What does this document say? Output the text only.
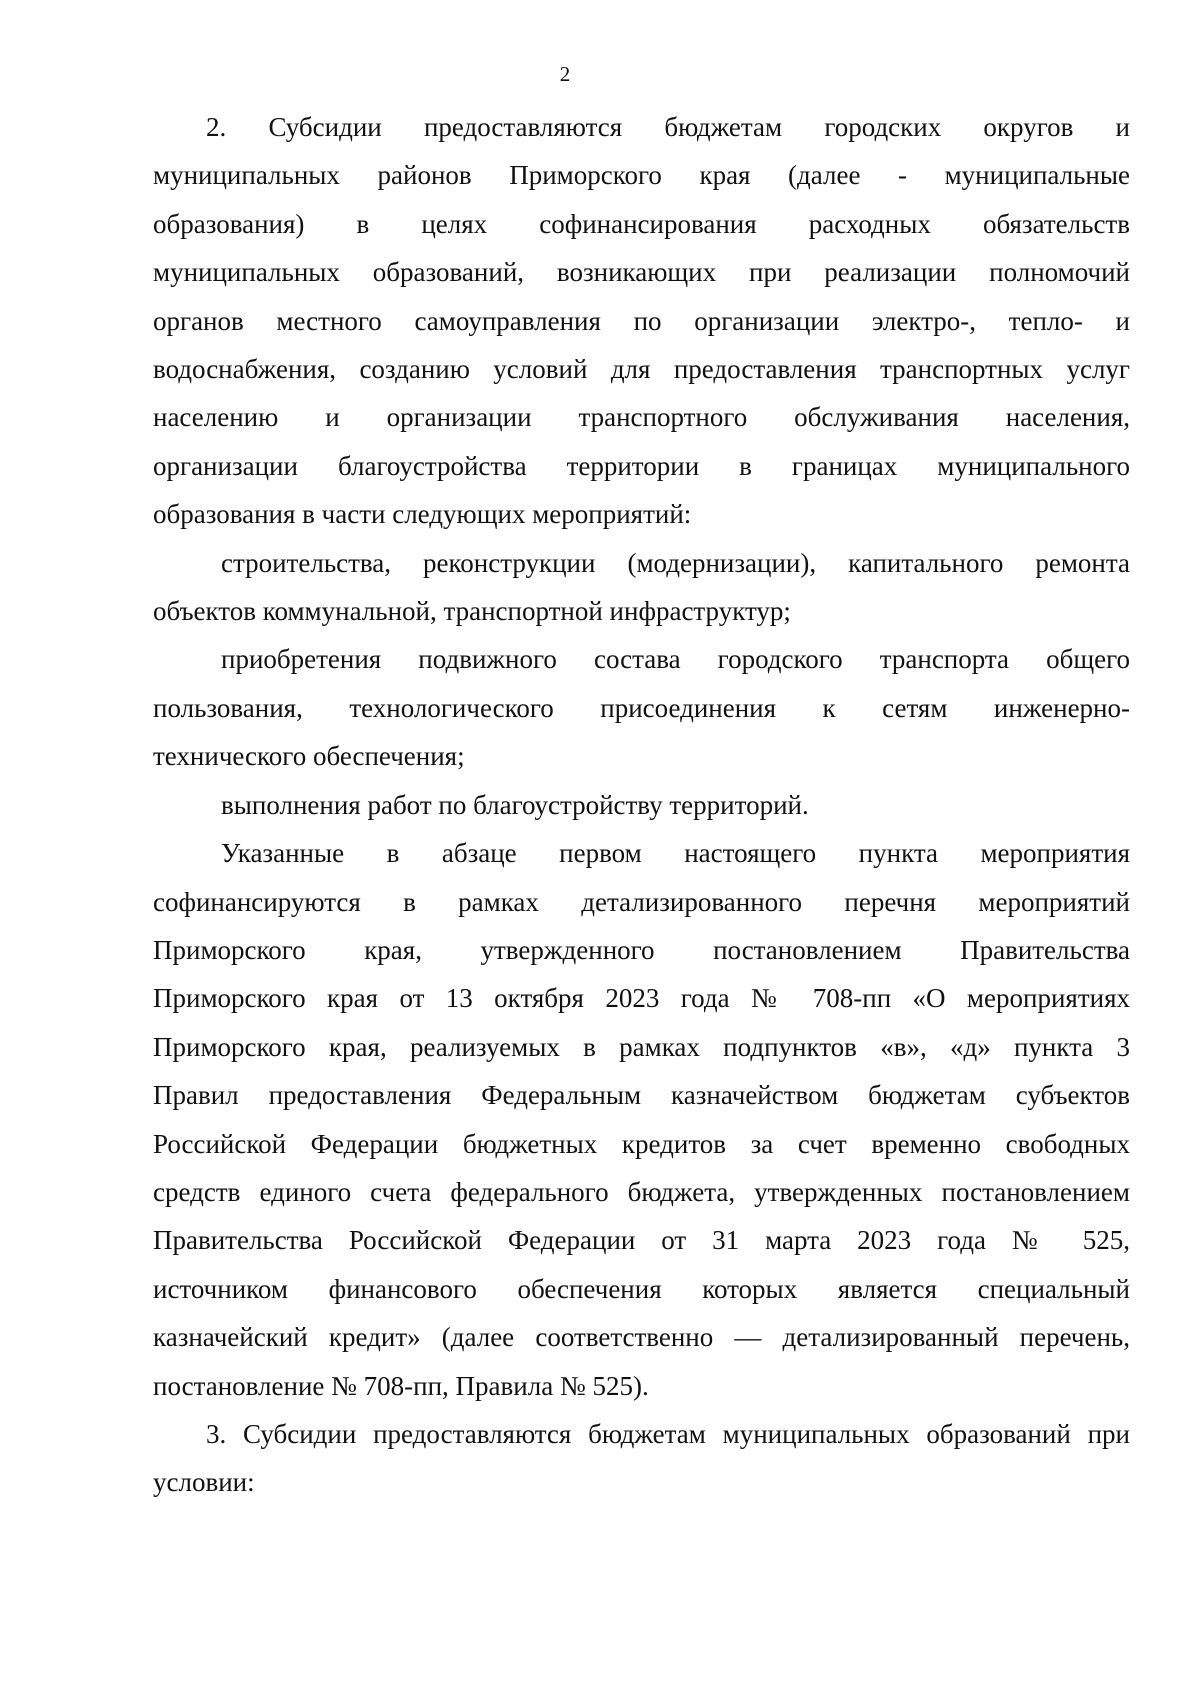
2
2. Субсидии предоставляются бюджетам городских округов и
муниципальных районов Приморского края (далее - муниципальные
образования) в целях софинансирования расходных обязательств
муниципальных образований, возникающих при реализации полномочий
органов местного самоуправления по организации электро-, тепло- и
водоснабжения, созданию условий для предоставления транспортных услуг
населению и организации транспортного обслуживания населения,
организации благоустройства территории в границах муниципального
образования в части следующих мероприятий:
строительства, реконструкции (модернизации), капитального ремонта
объектов коммунальной, транспортной инфраструктур;
приобретения подвижного состава городского транспорта общего
пользования, технологического присоединения к сетям инженерно-
технического обеспечения;
выполнения работ по благоустройству территорий.
Указанные в абзаце первом настоящего пункта мероприятия
софинансируются в рамках детализированного перечня мероприятий
Приморского края, утвержденного постановлением Правительства
Приморского края от 13 октября 2023 года № 708-пп «О мероприятиях
Приморского края, реализуемых в рамках подпунктов «в», «д» пункта 3
Правил предоставления Федеральным казначейством бюджетам субъектов
Российской Федерации бюджетных кредитов за счет временно свободных
средств единого счета федерального бюджета, утвержденных постановлением
Правительства Российской Федерации от 31 марта 2023 года № 525,
источником финансового обеспечения которых является специальный
казначейский кредит» (далее соответственно — детализированный перечень,
постановление № 708-пп, Правила № 525).
3. Субсидии предоставляются бюджетам муниципальных образований при
условии:
